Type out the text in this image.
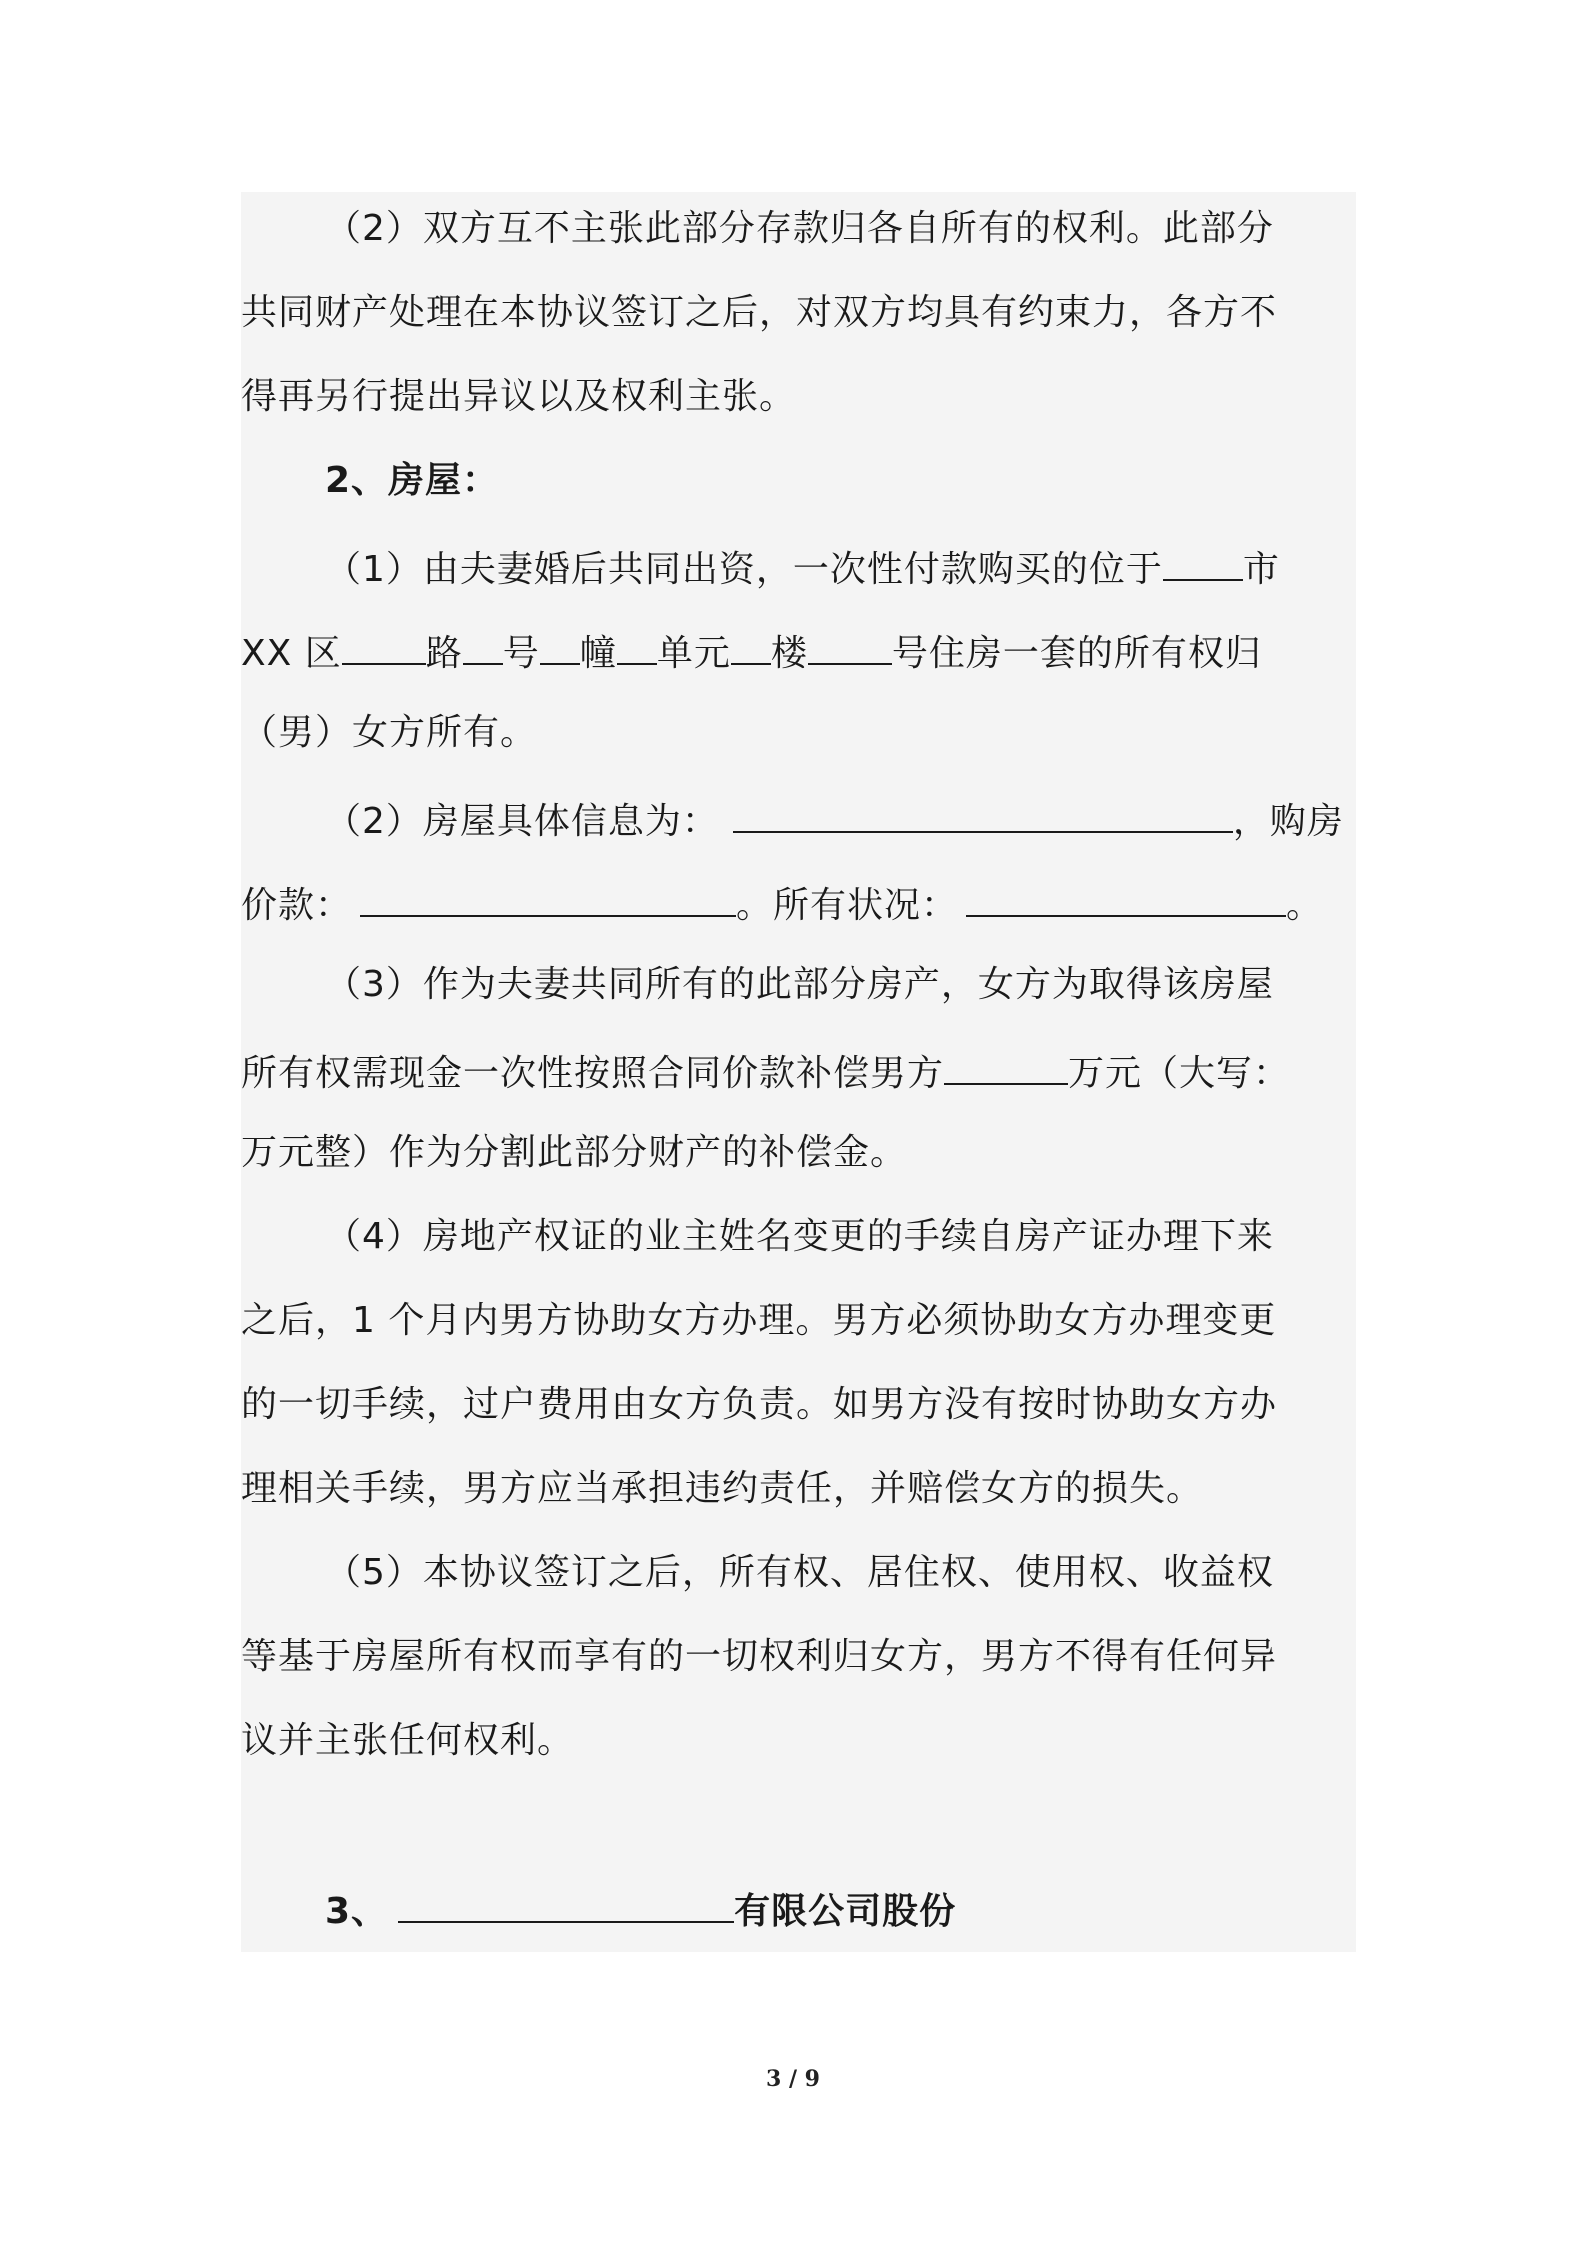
（2）双方互不主张此部分存款归各自所有的权利。此部分
共同财产处理在本协议签订之后，对双方均具有约束力，各方不
得再另行提出异议以及权利主张。
2、房屋：
（1）由夫妻婚后共同出资，一次性付款购买的位于 市
XX 区 路 号 幢 单元 楼 号住房一套的所有权归
（男）女方所有。
（2）房屋具体信息为：	，购房
价款：	。所有状况：	。
（3）作为夫妻共同所有的此部分房产，女方为取得该房屋
所有权需现金一次性按照合同价款补偿男方	万元（大写：
万元整）作为分割此部分财产的补偿金。
（4）房地产权证的业主姓名变更的手续自房产证办理下来
之后，1 个月内男方协助女方办理。男方必须协助女方办理变更
的一切手续，过户费用由女方负责。如男方没有按时协助女方办
理相关手续，男方应当承担违约责任，并赔偿女方的损失。
（5）本协议签订之后，所有权、居住权、使用权、收益权
等基于房屋所有权而享有的一切权利归女方，男方不得有任何异
议并主张任何权利。
3、	有限公司股份
3 / 9
